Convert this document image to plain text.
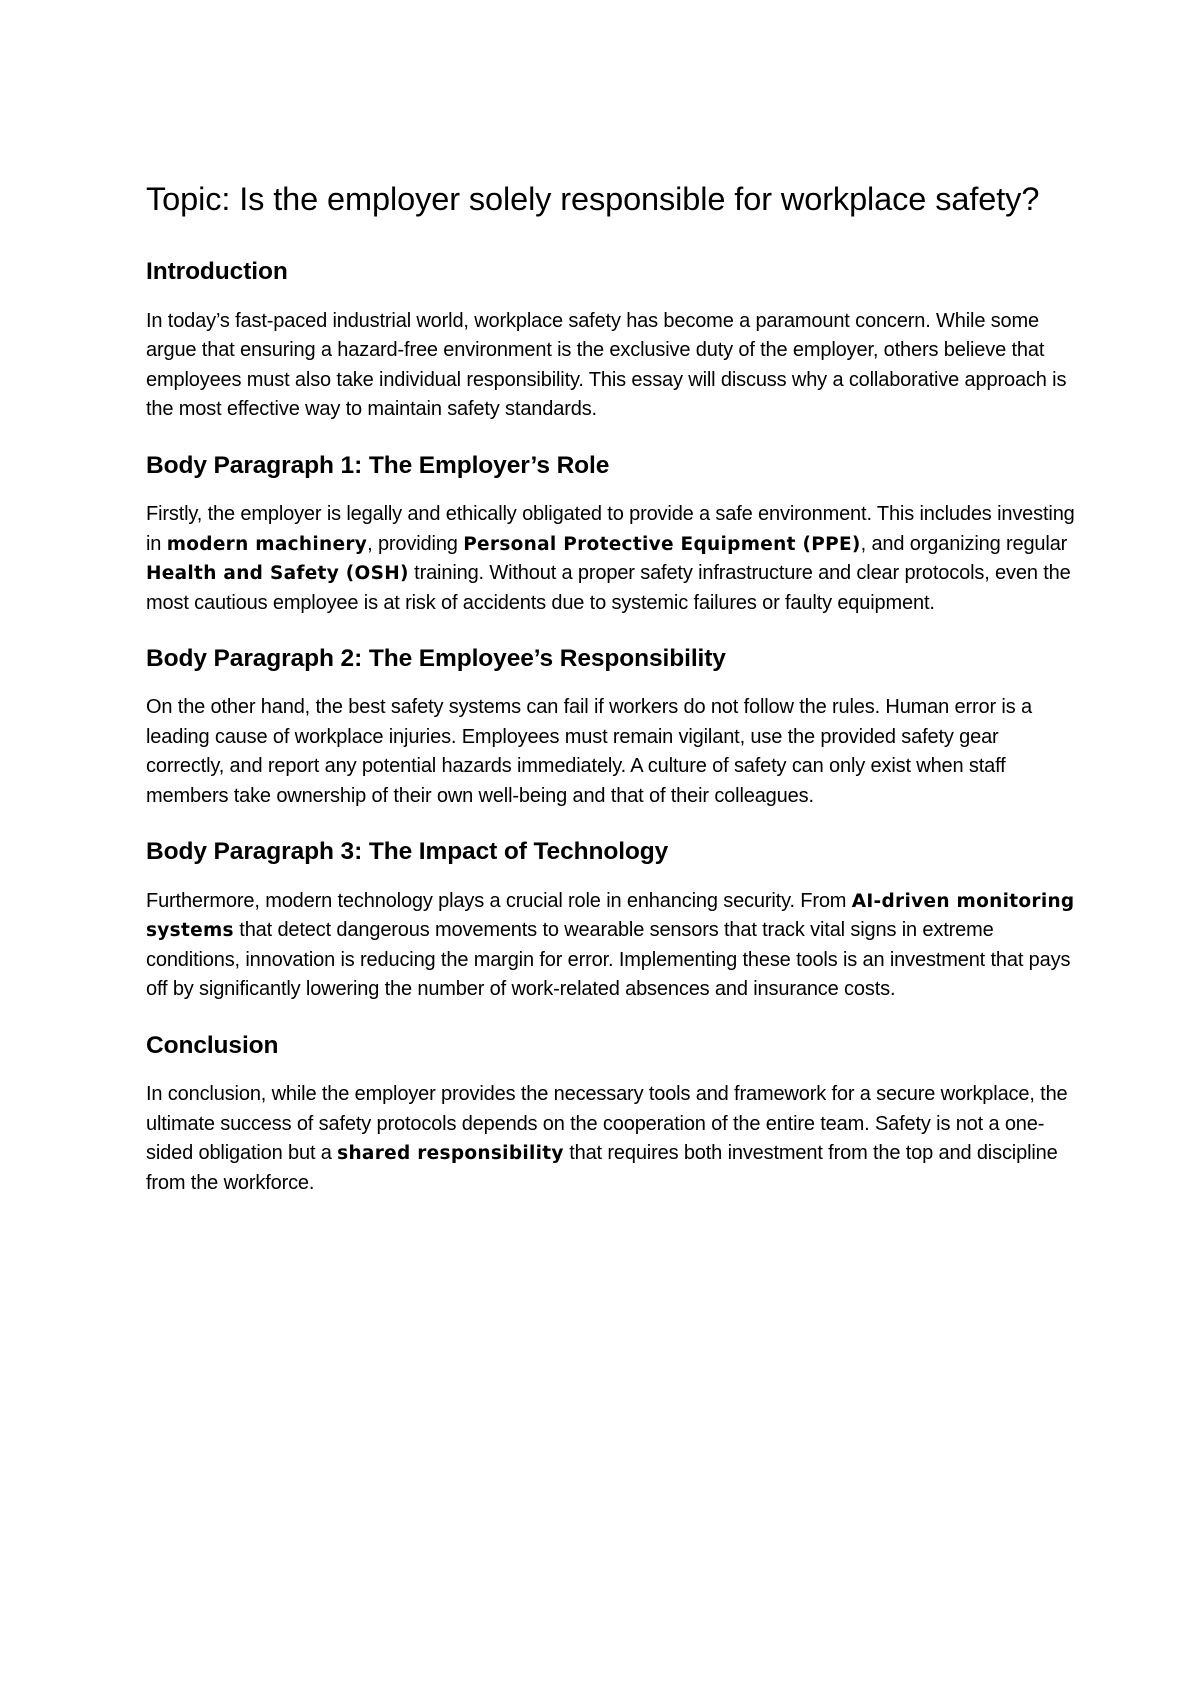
Topic: Is the employer solely responsible for workplace safety?
Introduction

In today’s fast-paced industrial world, workplace safety has become a paramount concern. While some argue that ensuring a hazard-free environment is the exclusive duty of the employer, others believe that employees must also take individual responsibility. This essay will discuss why a collaborative approach is the most effective way to maintain safety standards.

Body Paragraph 1: The Employer’s Role

Firstly, the employer is legally and ethically obligated to provide a safe environment. This includes investing in modern machinery, providing Personal Protective Equipment (PPE), and organizing regular Health and Safety (OSH) training. Without a proper safety infrastructure and clear protocols, even the most cautious employee is at risk of accidents due to systemic failures or faulty equipment.

Body Paragraph 2: The Employee’s Responsibility

On the other hand, the best safety systems can fail if workers do not follow the rules. Human error is a leading cause of workplace injuries. Employees must remain vigilant, use the provided safety gear correctly, and report any potential hazards immediately. A culture of safety can only exist when staff members take ownership of their own well-being and that of their colleagues.

Body Paragraph 3: The Impact of Technology

Furthermore, modern technology plays a crucial role in enhancing security. From AI-driven monitoring systems that detect dangerous movements to wearable sensors that track vital signs in extreme conditions, innovation is reducing the margin for error. Implementing these tools is an investment that pays off by significantly lowering the number of work-related absences and insurance costs.

Conclusion

In conclusion, while the employer provides the necessary tools and framework for a secure workplace, the ultimate success of safety protocols depends on the cooperation of the entire team. Safety is not a one-sided obligation but a shared responsibility that requires both investment from the top and discipline from the workforce.
